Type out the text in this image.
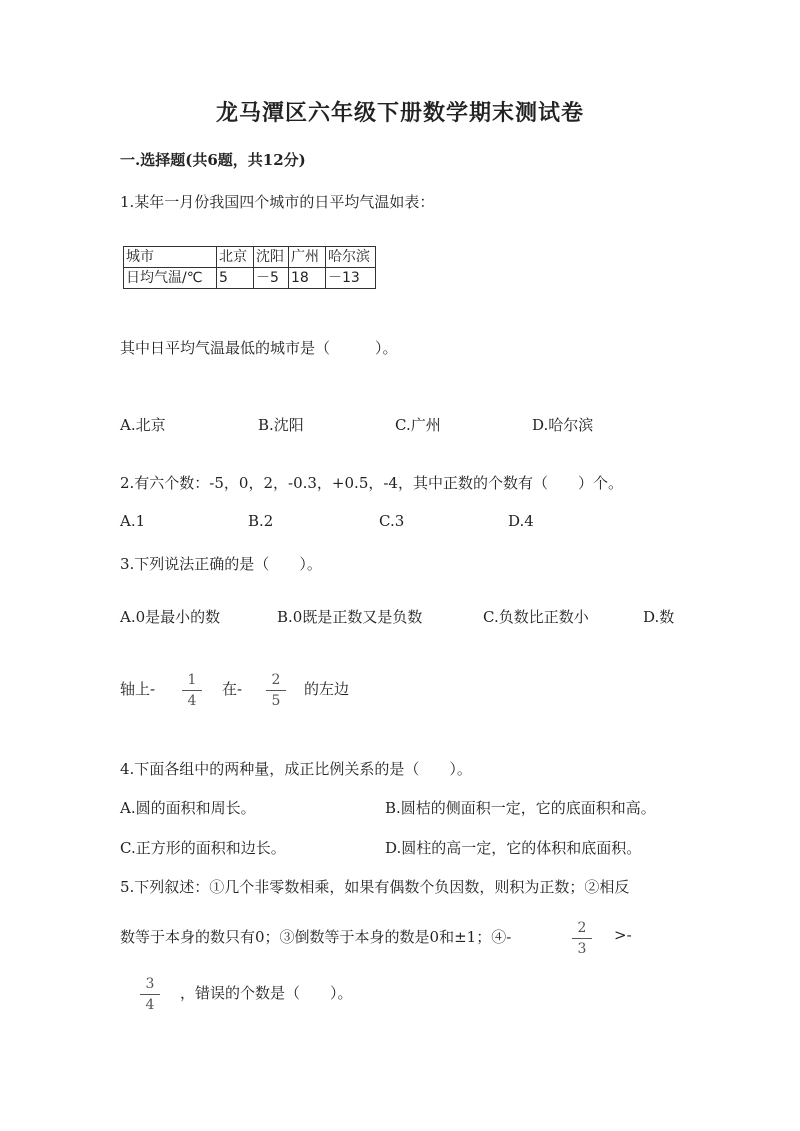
龙马潭区六年级下册数学期末测试卷
一.选择题(共6题，共12分)
1.某年一月份我国四个城市的日平均气温如表：
城市	北京	沈阳	广州	哈尔滨
日均气温/℃	5	－5	18	－13
其中日平均气温最低的城市是（　　　）。
A.北京	B.沈阳	C.广州	D.哈尔滨
2.有六个数：-5，0，2，-0.3，+0.5，-4，其中正数的个数有（　　）个。
A.1	B.2	C.3	D.4
3.下列说法正确的是（　　）。
A.0是最小的数	B.0既是正数又是负数	C.负数比正数小	D.数
轴上-	1
4
在-	2
5
的左边
4.下面各组中的两种量，成正比例关系的是（　　）。
A.圆的面积和周长。	B.圆桔的侧面积一定，它的底面积和高。
C.正方形的面积和边长。	D.圆柱的高一定，它的体积和底面积。
5.下列叙述：①几个非零数相乘，如果有偶数个负因数，则积为正数；②相反
数等于本身的数只有0；③倒数等于本身的数是0和±1；④-	2
3
>-
3
4
，错误的个数是（　　）。
